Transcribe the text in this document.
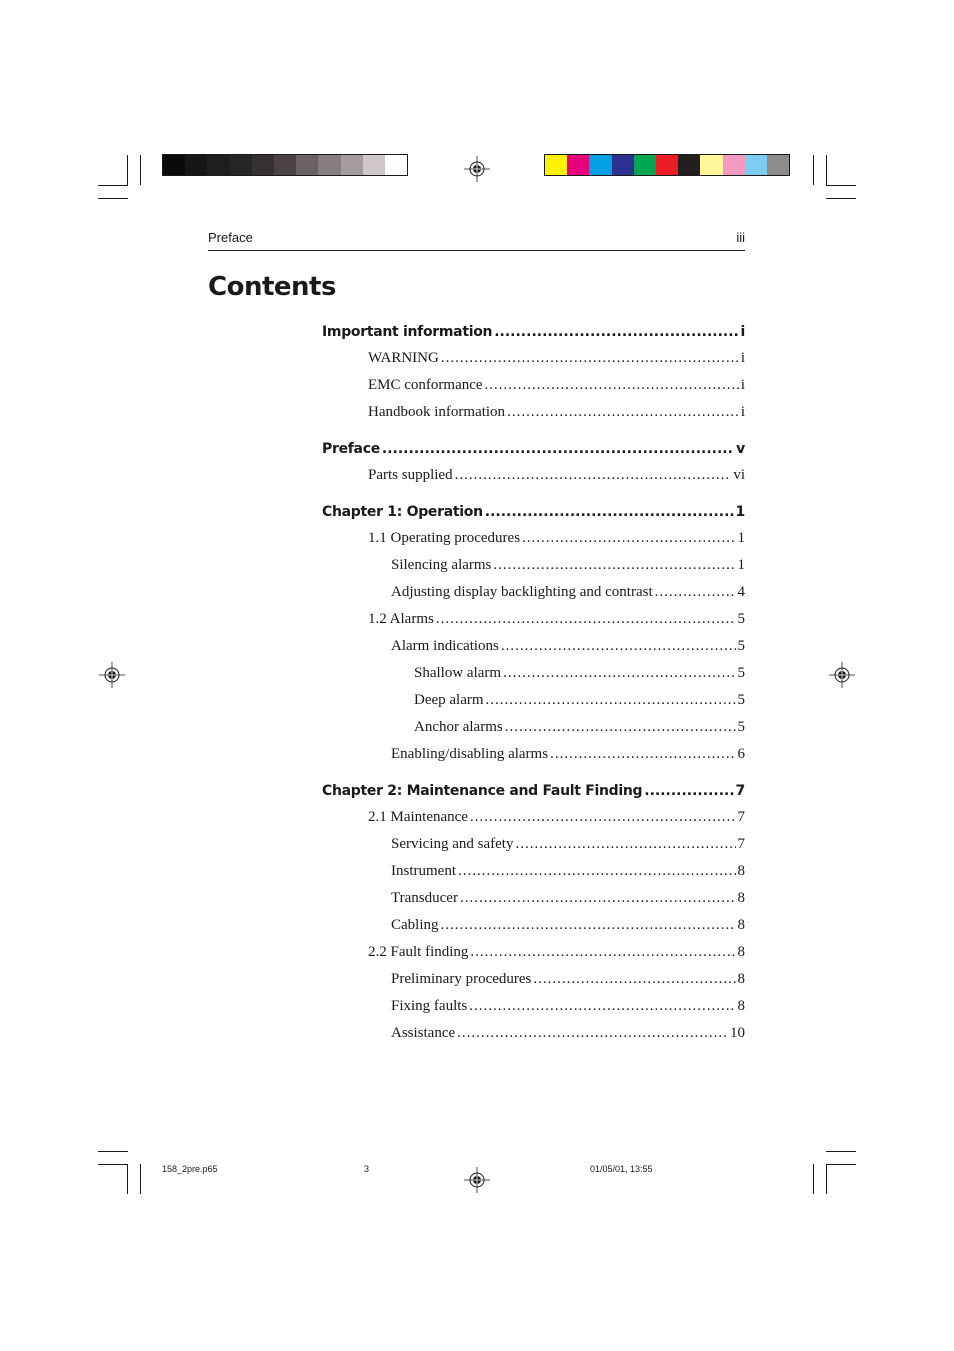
Preface	iii
Contents
Important information .....	i
WARNING .....	i
EMC conformance .....	i
Handbook information .....	i
Preface .....	v
Parts supplied .....	vi
Chapter 1: Operation .....	1
1.1 Operating procedures .....	1
Silencing alarms .....	1
Adjusting display backlighting and contrast .....	4
1.2 Alarms .....	5
Alarm indications .....	5
Shallow alarm .....	5
Deep alarm .....	5
Anchor alarms .....	5
Enabling/disabling alarms .....	6
Chapter 2: Maintenance and Fault Finding .....	7
2.1 Maintenance .....	7
Servicing and safety .....	7
Instrument .....	8
Transducer .....	8
Cabling .....	8
2.2 Fault finding .....	8
Preliminary procedures .....	8
Fixing faults .....	8
Assistance .....	10
158_2pre.p65	3	01/05/01, 13:55
